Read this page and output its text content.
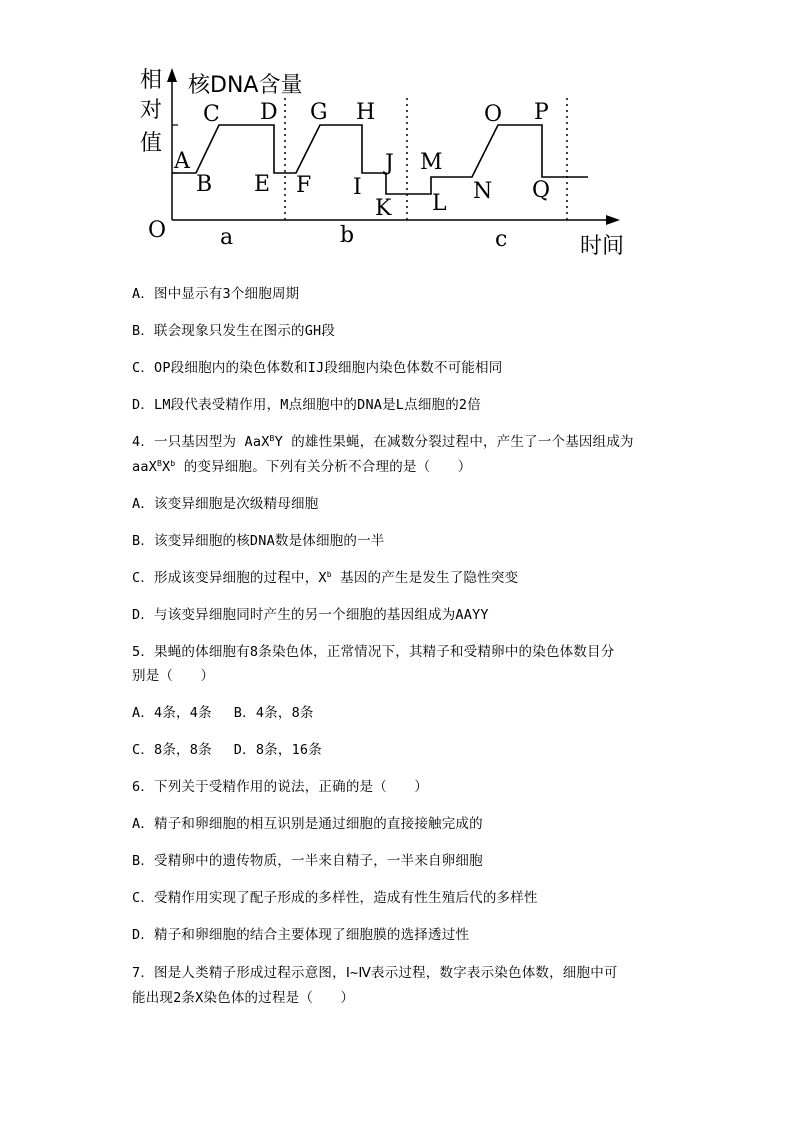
相
对
值
核DNA含量
O
时间
A
B
C D
E F
G H
I
J
K L
M
N
O P
Q
a	b	c
A．图中显示有3个细胞周期
B．联会现象只发生在图示的GH段
C．OP段细胞内的染色体数和IJ段细胞内染色体数不可能相同
D．LM段代表受精作用，M点细胞中的DNA是L点细胞的2倍
4．一只基因型为 AaX$^B$Y 的雄性果蝇，在减数分裂过程中，产生了一个基因组成为
$aaX^BX^b$ 的变异细胞。下列有关分析不合理的是（　　）
A．该变异细胞是次级精母细胞
B．该变异细胞的核DNA数是体细胞的一半
C．形成该变异细胞的过程中，$X^b$ 基因的产生是发生了隐性突变
D．与该变异细胞同时产生的另一个细胞的基因组成为AAYY
5．果蝇的体细胞有8条染色体，正常情况下，其精子和受精卵中的染色体数目分
别是（　　）
A．4条，4条　 B．4条，8条
C．8条，8条　 D．8条，16条
6．下列关于受精作用的说法，正确的是（　　）
A．精子和卵细胞的相互识别是通过细胞的直接接触完成的
B．受精卵中的遗传物质，一半来自精子，一半来自卵细胞
C．受精作用实现了配子形成的多样性，造成有性生殖后代的多样性
D．精子和卵细胞的结合主要体现了细胞膜的选择透过性
7．图是人类精子形成过程示意图，Ⅰ~Ⅳ表示过程，数字表示染色体数，细胞中可
能出现2条X染色体的过程是（　　）
